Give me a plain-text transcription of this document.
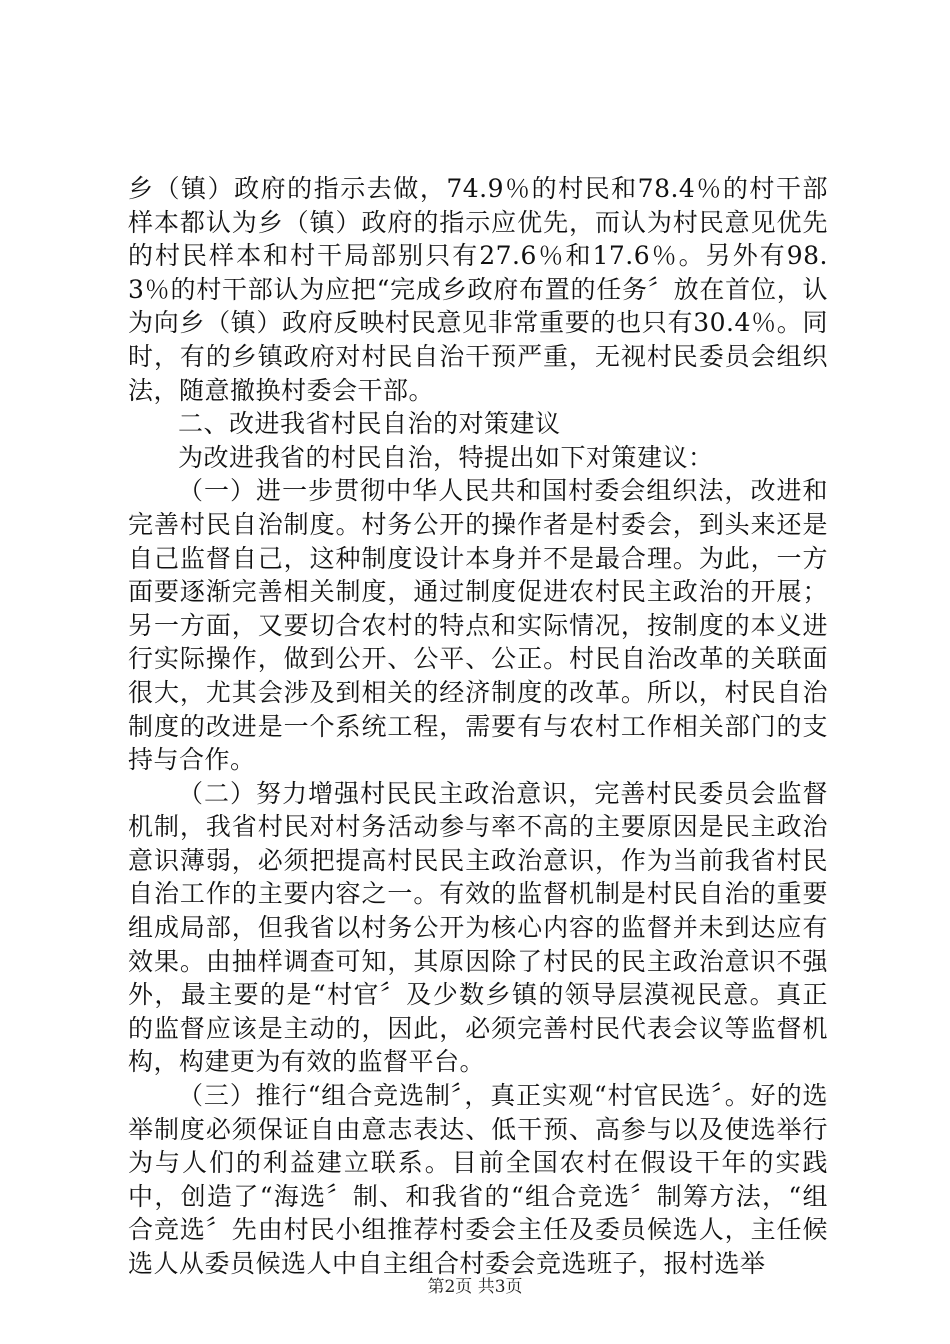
乡（镇）政府的指示去做，74.9％的村民和78.4％的村干部样本都认为乡（镇）政府的指示应优先，而认为村民意见优先的村民样本和村干局部别只有27.6％和17.6％。另外有98.3％的村干部认为应把“完成乡政府布置的任务〞放在首位，认为向乡（镇）政府反映村民意见非常重要的也只有30.4％。同时，有的乡镇政府对村民自治干预严重，无视村民委员会组织法，随意撤换村委会干部。

二、改进我省村民自治的对策建议

为改进我省的村民自治，特提出如下对策建议：

（一）进一步贯彻中华人民共和国村委会组织法，改进和完善村民自治制度。村务公开的操作者是村委会，到头来还是自己监督自己，这种制度设计本身并不是最合理。为此，一方面要逐渐完善相关制度，通过制度促进农村民主政治的开展；另一方面，又要切合农村的特点和实际情况，按制度的本义进行实际操作，做到公开、公平、公正。村民自治改革的关联面很大，尤其会涉及到相关的经济制度的改革。所以，村民自治制度的改进是一个系统工程，需要有与农村工作相关部门的支持与合作。

（二）努力增强村民民主政治意识，完善村民委员会监督机制，我省村民对村务活动参与率不高的主要原因是民主政治意识薄弱，必须把提高村民民主政治意识，作为当前我省村民自治工作的主要内容之一。有效的监督机制是村民自治的重要组成局部，但我省以村务公开为核心内容的监督并未到达应有效果。由抽样调查可知，其原因除了村民的民主政治意识不强外，最主要的是“村官〞及少数乡镇的领导层漠视民意。真正的监督应该是主动的，因此，必须完善村民代表会议等监督机构，构建更为有效的监督平台。

（三）推行“组合竞选制〞，真正实观“村官民选〞。好的选举制度必须保证自由意志表达、低干预、高参与以及使选举行为与人们的利益建立联系。目前全国农村在假设干年的实践中，创造了“海选〞制、和我省的“组合竞选〞制筹方法，“组合竞选〞先由村民小组推荐村委会主任及委员候选人，主任候选人从委员候选人中自主组合村委会竞选班子，报村选举

第2页 共3页
